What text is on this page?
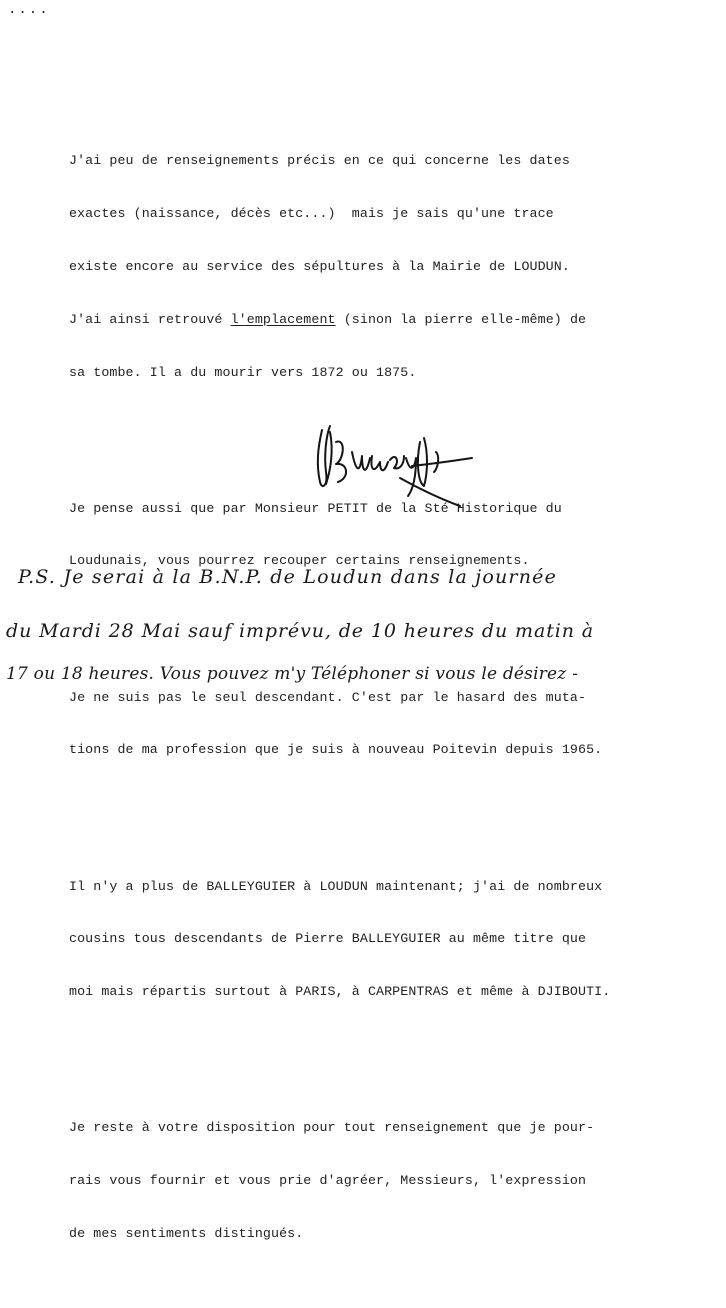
....

J'ai peu de renseignements précis en ce qui concerne les dates

exactes (naissance, décès etc...)  mais je sais qu'une trace

existe encore au service des sépultures à la Mairie de LOUDUN.

J'ai ainsi retrouvé l'emplacement (sinon la pierre elle-même) de

sa tombe. Il a du mourir vers 1872 ou 1875.

Je pense aussi que par Monsieur PETIT de la Sté Historique du

Loudunais, vous pourrez recouper certains renseignements.

Je ne suis pas le seul descendant. C'est par le hasard des muta-

tions de ma profession que je suis à nouveau Poitevin depuis 1965.

Il n'y a plus de BALLEYGUIER à LOUDUN maintenant; j'ai de nombreux

cousins tous descendants de Pierre BALLEYGUIER au même titre que

moi mais répartis surtout à PARIS, à CARPENTRAS et même à DJIBOUTI.

Je reste à votre disposition pour tout renseignement que je pour-

rais vous fournir et vous prie d'agréer, Messieurs, l'expression

de mes sentiments distingués.

P.S. Je serai à la B.N.P. de Loudun dans la journée
du Mardi 28 Mai sauf imprévu, de 10 heures du matin à
17 ou 18 heures. Vous pouvez m'y Téléphoner si vous le désirez -
